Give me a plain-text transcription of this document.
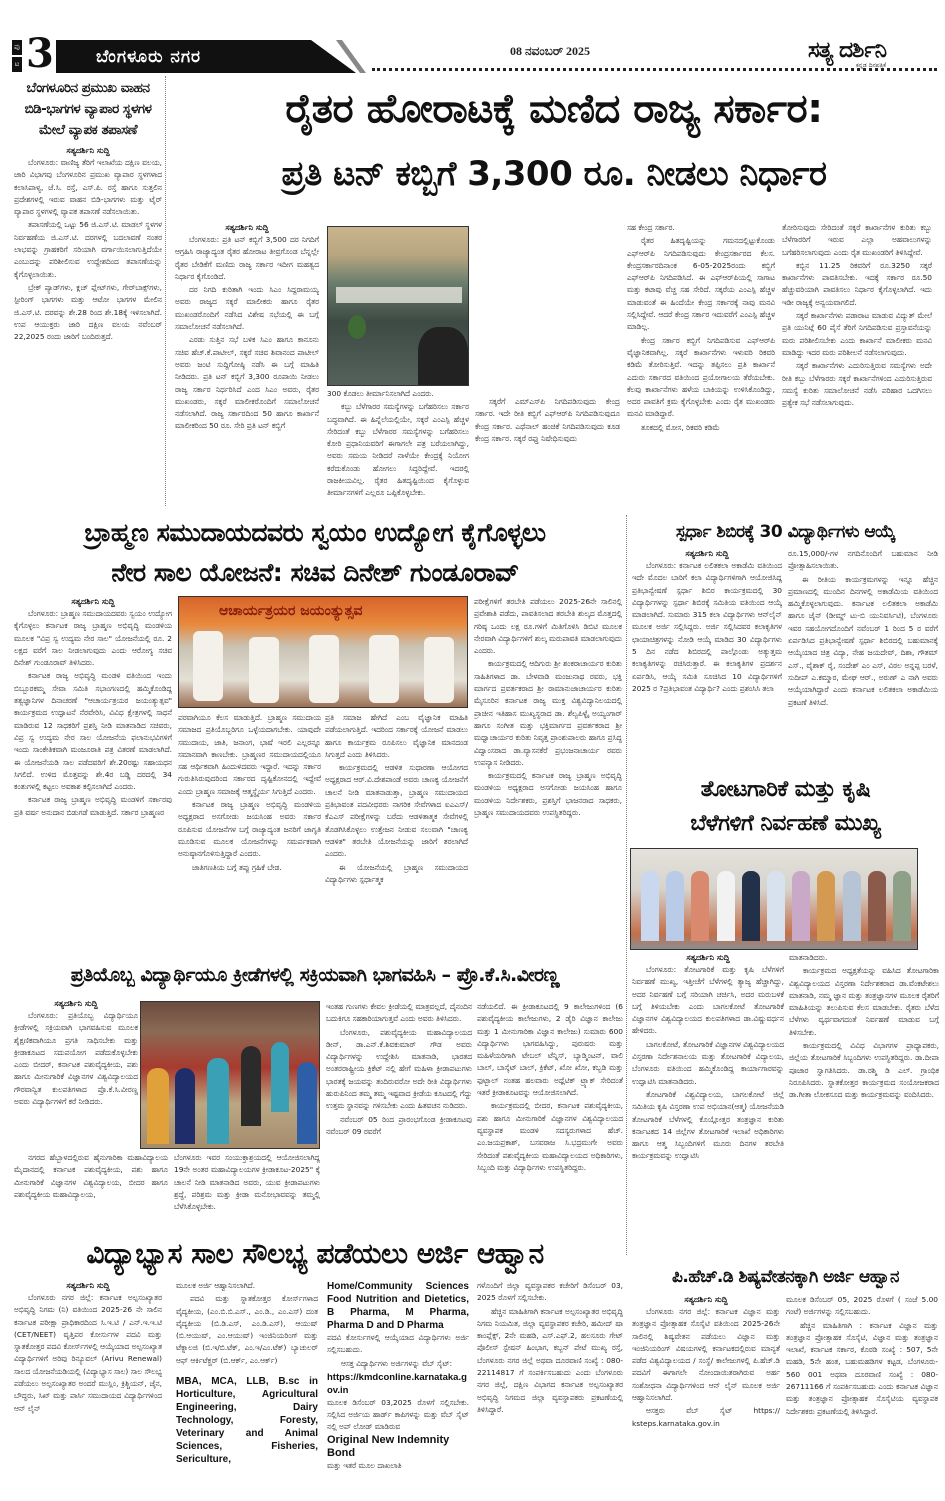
ಪು
ಟ 3 ಬೆಂಗಳೂರು ನಗರ	08 ನವಂಬರ್ 2025	ಸತ್ಯ ದರ್ಶಿನಿ
ಕನ್ನಡ ದಿನಪತ್ರಿಕೆ
ಬೆಂಗಳೂರಿನ ಪ್ರಮುಖ ವಾಹನ ಬಿಡಿ-ಭಾಗಗಳ ವ್ಯಾಪಾರ ಸ್ಥಳಗಳ ಮೇಲೆ ವ್ಯಾಪಕ ತಪಾಸಣೆ
ಸತ್ಯದರ್ಶಿನಿ ಸುದ್ದಿ

ಬೆಂಗಳೂರು: ವಾಣಿಜ್ಯ ತೆರಿಗೆ ಇಲಾಖೆಯ ದಕ್ಷಿಣ ವಲಯ, ಜಾರಿ ವಿಭಾಗವು ಬೆಂಗಳೂರಿನ ಪ್ರಮುಖ ವ್ಯಾಪಾರ ಸ್ಥಳಗಳಾದ ಕಲಾಸಿಪಾಳ್ಯ, ಜೆ.ಸಿ. ರಸ್ತೆ, ಎಸ್.ಪಿ. ರಸ್ತೆ ಹಾಗೂ ಸುತ್ತಲಿನ ಪ್ರದೇಶಗಳಲ್ಲಿ ಇರುವ ವಾಹನ ಬಿಡಿ-ಭಾಗಗಳು ಮತ್ತು ಟೈರ್ ವ್ಯಾಪಾರ ಸ್ಥಳಗಳಲ್ಲಿ ವ್ಯಾಪಕ ತಪಾಸಣೆ ನಡೆಸಲಾಯಿತು.

ತಪಾಸಣೆಯಲ್ಲಿ ಒಟ್ಟು 56 ಜಿ.ಎಸ್.ಟಿ. ಮಾಡಲ್ ಸ್ಥಳಗಳ ನಿರ್ವಹಣೆಯ ಜಿ.ಎಸ್.ಟಿ. ದರಗಳಲ್ಲಿ ಬದಲಾವಣೆ ನಂತರ ಲಾಭವನ್ನು ಗ್ರಾಹಕರಿಗೆ ಸರಿಯಾಗಿ ವರ್ಗಾಯಿಸಲಾಗುತ್ತಿದೆಯೇ ಎಂಬುದನ್ನು ಪರಿಶೀಲಿಸುವ ಉದ್ದೇಶದಿಂದ ತಪಾಸಣೆಯನ್ನು ಕೈಗೊಳ್ಳಲಾಯಿತು.

ಬ್ರೇಕ್ ಪ್ಯಾಡ್‌ಗಳು, ಕ್ಲಚ್ ಪ್ಲೇಟ್‌ಗಳು, ಗೇರ್‌ಬಾಕ್ಸ್‌ಗಳು, ಸ್ಟೀರಿಂಗ್ ಭಾಗಗಳು ಮತ್ತು ಆಟೋ ಭಾಗಗಳ ಮೇಲಿನ ಜಿ.ಎಸ್.ಟಿ. ದರವನ್ನು ಶೇ.28 ರಿಂದ ಶೇ.18ಕ್ಕೆ ಇಳಿಸಲಾಗಿದೆ. ಉಪ ಆಯುಕ್ತರು ಜಾರಿ ದಕ್ಷಿಣ ವಲಯ ನವೆಂಬರ್ 22,2025 ರಂದು ಜಾರಿಗೆ ಬಂದಿರುತ್ತದೆ.

ರೈತರ ಹೋರಾಟಕ್ಕೆ ಮಣಿದ ರಾಜ್ಯ ಸರ್ಕಾರ:
ಪ್ರತಿ ಟನ್ ಕಬ್ಬಿಗೆ 3,300 ರೂ. ನೀಡಲು ನಿರ್ಧಾರ
ಸತ್ಯದರ್ಶಿನಿ ಸುದ್ದಿ

ಬೆಂಗಳೂರು: ಪ್ರತಿ ಟನ್ ಕಬ್ಬಿಗೆ 3,500 ದರ ನಿಗದಿಗೆ ಆಗ್ರಹಿಸಿ ರಾಜ್ಯಾದ್ಯಂತ ರೈತರ ಹೋರಾಟ ತೀವ್ರಗೊಂಡ ಬೆನ್ನಲ್ಲೇ ರೈತರ ಬೇಡಿಕೆಗೆ ಮಣಿದು ರಾಜ್ಯ ಸರ್ಕಾರ ಇದೀಗ ಮಹತ್ವದ ನಿರ್ಧಾರ ಕೈಗೊಂಡಿದೆ.

ದರ ನಿಗದಿ ಕುರಿತಾಗಿ ಇಂದು ಸಿಎಂ ಸಿದ್ದರಾಮಯ್ಯ ಅವರು ರಾಜ್ಯದ ಸಕ್ಕರೆ ಮಾಲೀಕರು ಹಾಗೂ ರೈತರ ಮುಖಂಡರೊಂದಿಗೆ ನಡೆಸಿದ ವಿಶೇಷ ಸಭೆಯಲ್ಲಿ ಈ ಬಗ್ಗೆ ಸಮಾಲೋಚನೆ ನಡೆಸಲಾಗಿದೆ.

ಎರಡು ಸುತ್ತಿನ ಸಭೆ ಬಳಿಕ ಸಿಎಂ ಹಾಗೂ ಕಾನೂನು ಸಚಿವ ಹೆಚ್.ಕೆ.ಪಾಟೀಲ್, ಸಕ್ಕರೆ ಸಚಿವ ಶಿವಾನಂದ ಪಾಟೀಲ್ ಅವರು ಜಂಟಿ ಸುದ್ದಿಗೋಷ್ಠಿ ನಡೆಸಿ ಈ ಬಗ್ಗೆ ಮಾಹಿತಿ ನೀಡಿದರು. ಪ್ರತಿ ಟನ್ ಕಬ್ಬಿಗೆ 3,300 ರೂಪಾಯಿ ನೀಡಲು ರಾಜ್ಯ ಸರ್ಕಾರ ನಿರ್ಧರಿಸಿದೆ ಎಂದ ಸಿಎಂ ಅವರು, ರೈತರ ಮುಖಂಡರು, ಸಕ್ಕರೆ ಮಾಲೀಕರೊಂದಿಗೆ ಸಮಾಲೋಚನೆ ನಡೆಸಲಾಗಿದೆ. ರಾಜ್ಯ ಸರ್ಕಾರದಿಂದ 50 ಹಾಗೂ ಕಾರ್ಖಾನೆ ಮಾಲೀಕರಿಂದ 50 ರೂ. ಸೇರಿ ಪ್ರತಿ ಟನ್ ಕಬ್ಬಿಗೆ

300 ಕೊಡಲು ತೀರ್ಮಾನಿಸಲಾಗಿದೆ ಎಂದರು.

ಕಬ್ಬು ಬೆಳೆಗಾರರ ಸಮಸ್ಯೆಗಳನ್ನು ಬಗೆಹರಿಸಲು ಸರ್ಕಾರ ಬದ್ಧವಾಗಿದೆ. ಈ ಹಿನ್ನೆಲೆಯಲ್ಲಿಯೇ, ಸಕ್ಕರೆ ಎಂಎಸ್ಪಿ ಹೆಚ್ಚಳ ಸೇರಿದಂತೆ ಕಬ್ಬು ಬೆಳೆಗಾರರ ಸಮಸ್ಯೆಗಳನ್ನು ಬಗೆಹರಿಸಲು ಕೋರಿ ಪ್ರಧಾನಿಯವರಿಗೆ ಈಗಾಗಲೇ ಪತ್ರ ಬರೆಯಲಾಗಿದ್ದು, ಅವರು ಸಮಯ ನೀಡಿದರೆ ನಾಳೆಯೇ ಕೇಂದ್ರಕ್ಕೆ ನಿಯೋಗ ಕರೆದುಕೊಂಡು ಹೋಗಲು ಸಿದ್ಧರಿದ್ದೇವೆ. ಇದರಲ್ಲಿ ರಾಜಕೀಯವಿಲ್ಲ. ರೈತರ ಹಿತದೃಷ್ಟಿಯಿಂದ ಕೈಗೊಳ್ಳುವ ತೀರ್ಮಾನಗಳಿಗೆ ಎಲ್ಲರೂ ಒಪ್ಪಿಕೊಳ್ಳಬೇಕು.

ಸಕ್ಕರೆಗೆ ಎಮ್‌ಎಸ್‌ಪಿ ನಿಗದಿಪಡಿಸುವುದು ಕೇಂದ್ರ ಸರ್ಕಾರ. ಇದೇ ರೀತಿ ಕಬ್ಬಿಗೆ ಎಫ್‌ಆರ್‌ಪಿ ನಿಗದಿಪಡಿಸುವುದೂ ಕೇಂದ್ರ ಸರ್ಕಾರ. ಎಥೆನಾಲ್ ಹಂಚಿಕೆ ನಿಗದಿಪಡಿಸುವುದು ಕೂಡ ಕೇಂದ್ರ ಸರ್ಕಾರ. ಸಕ್ಕರೆ ರಫ್ತು ನಿಷೇಧಿಸುವುದು

ಸಹ ಕೇಂದ್ರ ಸರ್ಕಾರ.

ರೈತರ ಹಿತದೃಷ್ಟಿಯನ್ನು ಗಮನದಲ್ಲಿಟ್ಟುಕೊಂಡು ಎಫ್‌ಆರ್‌ಪಿ ನಿಗದಿಪಡಿಸುವುದು ಕೇಂದ್ರಸರ್ಕಾರದ ಕೆಲಸ. ಕೇಂದ್ರಸರ್ಕಾರದಿನಾಂಕ 6-05-2025ರಂದು ಕಬ್ಬಿಗೆ ಎಫ್‌ಆರ್‌ಪಿ ನಿಗದಿಪಡಿಸಿದೆ. ಈ ಎಫ್‌ಆರ್‌ಪಿಯಲ್ಲಿ ಸಾಗಾಟ ಮತ್ತು ಕಟಾವು ವೆಚ್ಚ ಸಹ ಸೇರಿದೆ. ಸಕ್ಕರೆಯ ಎಂಎಸ್ಪಿ ಹೆಚ್ಚಳ ಮಾಡುವಂತೆ ಈ ಹಿಂದೆಯೇ ಕೇಂದ್ರ ಸರ್ಕಾರಕ್ಕೆ ನಾವು ಮನವಿ ಸಲ್ಲಿಸಿದ್ದೇವೆ. ಆದರೆ ಕೇಂದ್ರ ಸರ್ಕಾರ ಇದುವರೆಗೆ ಎಂಎಸ್ಪಿ ಹೆಚ್ಚಳ ಮಾಡಿಲ್ಲ.

ಕೇಂದ್ರ ಸರ್ಕಾರ ಕಬ್ಬಿಗೆ ನಿಗದಿಪಡಿಸುವ ಎಫ್‌ಆರ್‌ಪಿ ವೈಜ್ಞಾನಿಕವಾಗಿಲ್ಲ. ಸಕ್ಕರೆ ಕಾರ್ಖಾನೆಗಳು ಇಳುವರಿ ರಿಕವರಿ ಕಡಿಮೆ ತೋರಿಸುತ್ತಿವೆ. ಇದನ್ನು ತಪ್ಪಿಸಲು ಪ್ರತಿ ಕಾರ್ಖಾನೆ ಎದುರು ಸರ್ಕಾರದ ವತಿಯಿಂದ ಪ್ರಯೋಗಾಲಯ ತೆರೆಯಬೇಕು. ಕೆಲವು ಕಾರ್ಖಾನೆಗಳು ಹಳೆಯ ಬಾಕಿಯನ್ನು ಉಳಿಸಿಕೊಂಡಿದ್ದು, ಅದರ ಪಾವತಿಗೆ ಕ್ರಮ ಕೈಗೊಳ್ಳಬೇಕು ಎಂದು ರೈತ ಮುಖಂಡರು ಮನವಿ ಮಾಡಿದ್ದಾರೆ.

ತೂಕದಲ್ಲಿ ಮೋಸ, ರಿಕವರಿ ಕಡಿಮೆ

ತೋರಿಸುವುದು ಸೇರಿದಂತೆ ಸಕ್ಕರೆ ಕಾರ್ಖಾನೆಗಳ ಕುರಿತು ಕಬ್ಬು ಬೆಳೆಗಾರರಿಗೆ ಇರುವ ಎಲ್ಲಾ ಅಹವಾಲುಗಳನ್ನು ಬಗೆಹರಿಸಲಾಗುವುದು ಎಂದು ರೈತ ಮುಖಂಡರಿಗೆ ತಿಳಿಸಿದ್ದೇವೆ.

ಕಬ್ಬಿನ 11.25 ರಿಕವರಿಗೆ ರೂ.3250 ಸಕ್ಕರೆ ಕಾರ್ಖಾನೆಗಳು ಪಾವತಿಸಬೇಕು. ಇದಕ್ಕೆ ಸರ್ಕಾರ ರೂ.50 ಹೆಚ್ಚುವರಿಯಾಗಿ ಪಾವತಿಸಲು ನಿರ್ಧಾರ ಕೈಗೊಳ್ಳಲಾಗಿದೆ. ಇದು ಇಡೀ ರಾಜ್ಯಕ್ಕೆ ಅನ್ವಯವಾಗಲಿದೆ.

ಸಕ್ಕರೆ ಕಾರ್ಖಾನೆಗಳು ಪಡಾರಾಟ ಮಾಡುವ ವಿದ್ಯುತ್ ಮೇಲೆ ಪ್ರತಿ ಯುನಿಟ್ಗೆ 60 ಪೈಸೆ ತೆರಿಗೆ ನಿಗದಿಪಡಿಸುವ ಪ್ರಸ್ತಾವನೆಯನ್ನು ಮರು ಪರಿಶೀಲಿಸಬೇಕು ಎಂದು ಕಾರ್ಖಾನೆ ಮಾಲೀಕರು ಮನವಿ ಮಾಡಿದ್ದು ಇದರ ಮರು ಪರಿಶೀಲನೆ ನಡೆಸಲಾಗುವುದು.

ಸಕ್ಕರೆ ಕಾರ್ಖಾನೆಗಳು ಎದುರಿಸುತ್ತಿರುವ ಸಮಸ್ಯೆಗಳು ಅದೇ ರೀತಿ ಕಬ್ಬು ಬೆಳೆಗಾರರು ಸಕ್ಕರೆ ಕಾರ್ಖಾನೆಗಳಿಂದ ಎದುರಿಸುತ್ತಿರುವ ಸಮಸ್ಯೆ ಕುರಿತು ಸಮಾಲೋಚನೆ ನಡೆಸಿ ಪರಿಹಾರ ಒದಗಿಸಲು ಪ್ರತ್ಯೇಕ ಸಭೆ ನಡೆಸಲಾಗುವುದು.

ಬ್ರಾಹ್ಮಣ ಸಮುದಾಯದವರು ಸ್ವಯಂ ಉದ್ಯೋಗ ಕೈಗೊಳ್ಳಲು
ನೇರ ಸಾಲ ಯೋಜನೆ: ಸಚಿವ ದಿನೇಶ್ ಗುಂಡೂರಾವ್
ಸತ್ಯದರ್ಶಿನಿ ಸುದ್ದಿ

ಬೆಂಗಳೂರು: ಬ್ರಾಹ್ಮಣ ಸಮುದಾಯದವರು ಸ್ವಯಂ ಉದ್ಯೋಗ ಕೈಗೊಳ್ಳಲು ಕರ್ನಾಟಕ ರಾಜ್ಯ ಬ್ರಾಹ್ಮಣ ಅಭಿವೃದ್ಧಿ ಮಂಡಳಿಯ ಮೂಲಕ "ವಿಪ್ರ ಸ್ವ ಉದ್ಯಮ ನೇರ ಸಾಲ" ಯೋಜನೆಯಲ್ಲಿ ರೂ. 2 ಲಕ್ಷದ ವರೆಗೆ ಸಾಲ ನೀಡಲಾಗುವುದು ಎಂದು ಆರೋಗ್ಯ ಸಚಿವ ದಿನೇಶ್ ಗುಂಡೂರಾವ್ ತಿಳಿಸಿದರು.

ಕರ್ನಾಟಕ ರಾಜ್ಯ ಅಭಿವೃದ್ಧಿ ಮಂಡಳಿ ವತಿಯಿಂದ ಇಂದು ಬಿಬ್ಬೂರಕಮ್ಮ ಸೇವಾ ಸಮಿತಿ ಸಭಾಂಗಣದಲ್ಲಿ ಹಮ್ಮಿಕೊಂಡಿದ್ದ ತತ್ವಜ್ಞಾನಿಗಳ ದಿನಾಚರಣೆ "ಆಚಾರ್ಯತ್ರಯರ ಜಯಂತ್ಯುತ್ಸವ" ಕಾರ್ಯಕ್ರಮದ ಉದ್ಘಾಟನೆ ನೆರವೇರಿಸಿ, ವಿವಿಧ ಕ್ಷೇತ್ರಗಳಲ್ಲಿ ಸಾಧನೆ ಮಾಡಿರುವ 12 ಸಾಧಕರಿಗೆ ಪ್ರಶಸ್ತಿ ನೀಡಿ ಮಾತನಾಡಿದ ಸಚಿವರು, ವಿಪ್ರ ಸ್ವ ಉದ್ಯಮ ನೇರ ಸಾಲ ಯೋಜನೆಯ ಫಲಾನುಭವಿಗಳಿಗೆ ಇಂದು ಸಾಂಕೇತಿಕವಾಗಿ ಮಂಜೂರಾತಿ ಪತ್ರ ವಿತರಣೆ ಮಾಡಲಾಗಿದೆ. ಈ ಯೋಜನೆಯಡಿ ಸಾಲ ಪಡೆದವರಿಗೆ ಶೇ.20ರಷ್ಟು ಸಹಾಯಧನ ಸಿಗಲಿದೆ. ಉಳಿದ ಮೊತ್ತವನ್ನು ಶೇ.4ರ ಬಡ್ಡಿ ದರದಲ್ಲಿ 34 ಕಂತುಗಳಲ್ಲಿ ಕಟ್ಟಲು ಅವಕಾಶ ಕಲ್ಪಿಸಲಾಗಿದೆ ಎಂದರು.

ಕರ್ನಾಟಕ ರಾಜ್ಯ ಬ್ರಾಹ್ಮಣ ಅಭಿವೃದ್ಧಿ ಮಂಡಳಿಗೆ ಸರ್ಕಾರವು ಪ್ರತಿ ವರ್ಷ ಅನುದಾನ ಬಿಡುಗಡೆ ಮಾಡುತ್ತಿದೆ. ಸರ್ಕಾರ ಬ್ರಾಹ್ಮಣರ

ಆಚಾರ್ಯತ್ರಯರ ಜಯಂತ್ಯುತ್ಸವ

ಪರವಾಗಿಯೂ ಕೆಲಸ ಮಾಡುತ್ತಿದೆ. ಬ್ರಾಹ್ಮಣ ಸಮುದಾಯ ಸಮಾಜದ ಪ್ರತಿಯೊಬ್ಬರಿಗೂ ಒಳ್ಳೆಯದಾಗಬೇಕು. ಯಾವುದೇ ಸಮುದಾಯ, ಜಾತಿ, ಜನಾಂಗ, ಭಾಷೆ ಇರಲಿ ಎಲ್ಲರನ್ನೂ ಸಮಾನವಾಗಿ ಕಾಣಬೇಕು. ಬ್ರಾಹ್ಮಣರ ಸಮುದಾಯದಲ್ಲಿಯೂ ಸಹ ಆರ್ಥಿಕವಾಗಿ ಹಿಂದುಳಿದವರು ಇದ್ದಾರೆ. ಇದನ್ನು ಸರ್ಕಾರ ಗುರುತಿಸಿರುವುದರಿಂದ ಸರ್ಕಾರದ ದೃಷ್ಟಿಕೋನದಲ್ಲಿ ಇದ್ದೇವೆ ಎಂದು ಬ್ರಾಹ್ಮಣ ಸಮಾಜಕ್ಕೆ ಆತ್ಮಸ್ಥೈರ್ಯ ಸಿಗುತ್ತಿದೆ ಎಂದರು.

ಕರ್ನಾಟಕ ರಾಜ್ಯ ಬ್ರಾಹ್ಮಣ ಅಭಿವೃದ್ಧಿ ಮಂಡಳಿಯ ಅಧ್ಯಕ್ಷರಾದ ಅಸಗೋಡು ಜಯಸಿಂಹ ಅವರು ಸರ್ಕಾರ ರೂಪಿಸುವ ಯೋಜನೆಗಳ ಬಗ್ಗೆ ರಾಜ್ಯಾದ್ಯಂತ ಜನರಿಗೆ ಜಾಗೃತಿ ಮೂಡಿಸುವ ಮೂಲಕ ಯೋಜನೆಗಳನ್ನು ಸಮರ್ಪಕವಾಗಿ ಅನುಷ್ಠಾನಗೊಳಿಸುತ್ತಿದ್ದಾರೆ ಎಂದರು.

ಜಾತಿಗಣತಿಯ ಬಗ್ಗೆ ತಪ್ಪು ಗ್ರಹಿಕೆ ಬೇಡ.

ಪ್ರತಿ ಸಮಾಜ ಹೇಗಿದೆ ಎಂಬ ವೈಜ್ಞಾನಿಕ ಮಾಹಿತಿ ಪಡೆಯಲಾಗುತ್ತಿದೆ. ಇದರಿಂದ ಸರ್ಕಾರಕ್ಕೆ ಯೋಜನೆ ಮಾಡಲು ಹಾಗೂ ಕಾರ್ಯಕ್ರಮ ರೂಪಿಸಲು ವೈಜ್ಞಾನಿಕ ಮಾನದಂಡ ಸಿಗುತ್ತದೆ ಎಂದು ತಿಳಿಸಿದರು.

ಕಾರ್ಯಕ್ರಮದಲ್ಲಿ ಆಡಳಿತ ಸುಧಾರಣಾ ಆಯೋಗದ ಅಧ್ಯಕ್ಷರಾದ ಆರ್.ವಿ.ದೇಶಪಾಂಡೆ ಅವರು ಚಾಣಕ್ಯ ಯೋಜನೆಗೆ ಚಾಲನೆ ನೀಡಿ ಮಾತನಾಡುತ್ತಾ, ಬ್ರಾಹ್ಮಣ ಸಮುದಾಯದ ಪ್ರತಿಭಾವಂತ ಪದವೀಧರರು ನಾಗರಿಕ ಸೇವೆಗಳಾದ ಐಎಎಸ್/ಕೆಎಎಸ್ ಪರೀಕ್ಷೆಗಳನ್ನು ಬರೆದು ಆಡಳಿತಾತ್ಮಕ ಸೇವೆಗಳಲ್ಲಿ ತೊಡಗಿಸಿಕೊಳ್ಳಲು ಉತ್ತೇಜನ ನೀಡುವ ಸಲುವಾಗಿ "ಚಾಣಕ್ಯ ಆಡಳಿತ" ತರಬೇತಿ ಯೋಜನೆಯನ್ನು ಜಾರಿಗೆ ತರಲಾಗಿದೆ ಎಂದರು.

ಈ ಯೋಜನೆಯಲ್ಲಿ ಬ್ರಾಹ್ಮಣ ಸಮುದಾಯದ ವಿದ್ಯಾರ್ಥಿಗಳು ಸ್ಪರ್ಧಾತ್ಮಕ

ಪರೀಕ್ಷೆಗಳಿಗೆ ತರಬೇತಿ ಪಡೆಯಲು 2025-26ನೇ ಸಾಲಿನಲ್ಲಿ ಪ್ರವೇಶಾತಿ ಪಡೆದು, ಪಾವತಿಸಲಾದ ತರಬೇತಿ ಶುಲ್ಕದ ಮೊತ್ತದಲ್ಲಿ ಗರಿಷ್ಠ ಒಂದು ಲಕ್ಷ ರೂ.ಗಳಿಗೆ ಮಿತಿಗೊಳಿಸಿ ಡಿಬಿಟಿ ಮೂಲಕ ನೇರವಾಗಿ ವಿದ್ಯಾರ್ಥಿಗಳಿಗೆ ಶುಲ್ಕ ಮರುಪಾವತಿ ಮಾಡಲಾಗುವುದು ಎಂದರು.

ಕಾರ್ಯಕ್ರಮದಲ್ಲಿ ಆದಿಗುರು ಶ್ರೀ ಶಂಕರಾಚಾರ್ಯರ ಕುರಿತು ಸಾಹಿತಿಗಳಾದ ಡಾ. ಬೇಳವಾಡಿ ಮಂಜುನಾಥ ರವರು, ಭಕ್ತಿ ಮಾರ್ಗದ ಪ್ರವರ್ತಕರಾದ ಶ್ರೀ ರಾಮಾನುಜಾಚಾರ್ಯರ ಕುರಿತು ಮೈಸೂರಿನ ಕರ್ನಾಟಕ ರಾಜ್ಯ ಮುಕ್ತ ವಿಶ್ವವಿದ್ಯಾನಿಲಯದಲ್ಲಿ ಪ್ರಾಚೀನ ಇತಿಹಾಸ ಮುಖ್ಯಸ್ಥರಾದ ಡಾ. ಶೆಲ್ವಪಿಳ್ಳೈ ಅಯ್ಯಂಗಾರ್ ಹಾಗೂ ಸಂಗೀತ ಮತ್ತು ಭಕ್ತಿಮಾರ್ಗದ ಪ್ರವರ್ತಕರಾದ ಶ್ರೀ ಮಧ್ವಾಚಾರ್ಯರ ಕುರಿತು ನಿವೃತ್ತ ಪ್ರಾಂಶುಪಾಲರು ಹಾಗೂ ಪ್ರಸಿದ್ಧ ವಿದ್ವಾಂಸರಾದ ಡಾ.ವ್ಯಾಸನಕೆರೆ ಪ್ರಭಂಜನಾಚಾರ್ಯ ರವರು ಉಪನ್ಯಾಸ ನೀಡಿದರು.

ಕಾರ್ಯಕ್ರಮದಲ್ಲಿ ಕರ್ನಾಟಕ ರಾಜ್ಯ ಬ್ರಾಹ್ಮಣ ಅಭಿವೃದ್ಧಿ ಮಂಡಳಿಯ ಅಧ್ಯಕ್ಷರಾದ ಅಸಗೋಡು ಜಯಸಿಂಹ ಹಾಗೂ ಮಂಡಳಿಯ ನಿರ್ದೇಶಕರು, ಪ್ರಶಸ್ತಿಗೆ ಭಾಜನರಾದ ಸಾಧಕರು, ಬ್ರಾಹ್ಮಣ ಸಮುದಾಯದವರು ಉಪಸ್ಥಿತರಿದ್ದರು.

ಸ್ಪರ್ಧಾ ಶಿಬಿರಕ್ಕೆ 30 ವಿದ್ಯಾರ್ಥಿಗಳು ಆಯ್ಕೆ
ಸತ್ಯದರ್ಶಿನಿ ಸುದ್ದಿ

ಬೆಂಗಳೂರು: ಕರ್ನಾಟಕ ಲಲಿತಕಲಾ ಅಕಾಡೆಮಿ ವತಿಯಿಂದ ಇದೇ ಮೊದಲ ಬಾರಿಗೆ ಕಲಾ ವಿದ್ಯಾರ್ಥಿಗಳಿಗಾಗಿ ಆಯೋಜಿಸಿದ್ದ ಪ್ರತಿಭಾನ್ವೇಷಣೆ ಸ್ಪರ್ಧಾ ಶಿಬಿರ ಕಾರ್ಯಕ್ರಮದಲ್ಲಿ 30 ವಿದ್ಯಾರ್ಥಿಗಳನ್ನು ಸ್ಪರ್ಧಾ ಶಿಬಿರಕ್ಕೆ ಸಮಿತಿಯ ವತಿಯಿಂದ ಆಯ್ಕೆ ಮಾಡಲಾಗಿದೆ. ಸುಮಾರು 315 ಕಲಾ ವಿದ್ಯಾರ್ಥಿಗಳು ಆನ್‌ಲೈನ್ ಮೂಲಕ ಅರ್ಜಿ ಸಲ್ಲಿಸಿದ್ದರು. ಅರ್ಜಿ ಸಲ್ಲಿಸಿದವರ ಕಲಾಕೃತಿಗಳ ಛಾಯಾಚಿತ್ರಗಳನ್ನು ನೋಡಿ ಆಯ್ಕೆ ಮಾಡಿದ 30 ವಿದ್ಯಾರ್ಥಿಗಳು 5 ದಿನ ನಡೆದ ಶಿಬಿರದಲ್ಲಿ ಪಾಲ್ಗೊಂಡು ಅತ್ಯುತ್ತಮ ಕಲಾಕೃತಿಗಳನ್ನು ರಚಿಸಿರುತ್ತಾರೆ. ಈ ಕಲಾಕೃತಿಗಳ ಪ್ರದರ್ಶನ ಏರ್ಪಡಿಸಿ, ಆಯ್ಕೆ ಸಮಿತಿ ಸೂಚಿಸಿದ 10 ವಿದ್ಯಾರ್ಥಿಗಳಿಗೆ 2025 ರ ?ಪ್ರತಿಭಾವಂತ ವಿದ್ಯಾರ್ಥಿ? ಎಂದು ಪ್ರಶಂಸಿಸಿ ತಲಾ

ರೂ.15,000/-ಗಳ ನಗದಿನೊಂದಿಗೆ ಬಹುಮಾನ ನೀಡಿ ಪ್ರೋತ್ಸಾಹಿಸಲಾಯಿತು.

ಈ ರೀತಿಯ ಕಾರ್ಯಕ್ರಮಗಳನ್ನು ಇನ್ನೂ ಹೆಚ್ಚಿನ ಪ್ರಮಾಣದಲ್ಲಿ ಮುಂದಿನ ದಿನಗಳಲ್ಲಿ ಅಕಾಡೆಮಿಯ ವತಿಯಿಂದ ಹಮ್ಮಿಕೊಳ್ಳಲಾಗುವುದು. ಕರ್ನಾಟಕ ಲಲಿತಕಲಾ ಅಕಾಡೆಮಿ ಹಾಗೂ ಜೈನ್ (ಡೀಮ್ಡ್ ಟು-ಬಿ ಯುನಿವರ್ಸಿಟಿ), ಬೆಂಗಳೂರು ಇವರ ಸಹಯೋಗದೊಂದಿಗೆ ನವೆಂಬರ್ 1 ರಿಂದ 5 ರ ವರೆಗೆ ಏರ್ಪಡಿಸಿದ ಪ್ರತಿಭಾನ್ವೇಷಣೆ ಸ್ಪರ್ಧಾ ಶಿಬಿರದಲ್ಲಿ ಬಹುಮಾನಕ್ಕೆ ಆಯ್ಕೆಯಾದ ಚಿತ್ರ ವಿದ್ಯಾ, ನೇಹ ಜಯದೇವ್, ದಿಶಾ, ಗೌತಮ್ ಎಸ್., ವೈಶಾಕ್ ರೈ, ಸಂದೇಶ್ ಎಂ ಎಸ್, ವಿಠಲ ಅನ್ನಪ್ಪ ಬರಳೆ, ಸುದೀಪ್ ಎ.ಕಮ್ಮಾರ, ಮೇಘ ಆರ್., ಅರುಣ್ ಎ ನಾಗಿ ಅವರು ಆಯ್ಕೆಯಾಗಿದ್ದಾರೆ ಎಂದು ಕರ್ನಾಟಕ ಲಲಿತಕಲಾ ಅಕಾಡೆಮಿಯ ಪ್ರಕಟಣೆ ತಿಳಿಸಿದೆ.

ತೋಟಗಾರಿಕೆ ಮತ್ತು ಕೃಷಿ
ಬೆಳೆಗಳಿಗೆ ನಿರ್ವಹಣೆ ಮುಖ್ಯ
ಸತ್ಯದರ್ಶಿನಿ ಸುದ್ದಿ

ಬೆಂಗಳೂರು: ತೋಟಗಾರಿಕೆ ಮತ್ತು ಕೃಷಿ ಬೆಳೆಗಳಿಗೆ ನಿರ್ವಹಣೆ ಮುಖ್ಯ, ಇತ್ತೀಚೆಗೆ ಬೆಳೆಗಳಲ್ಲಿ ತ್ಯಾಜ್ಯ ಹೆಚ್ಚಾಗಿದ್ದು, ಅದರ ನಿರ್ವಹಣೆ ಬಗ್ಗೆ ಸರಿಯಾಗಿ ಚರ್ಚಿಸಿ, ಅದರ ಮರುಬಳಕೆ ಬಗ್ಗೆ ತಿಳಿಯಬೇಕು ಎಂದು ಬಾಗಲಕೋಟೆ ತೋಟಗಾರಿಕೆ ವಿಜ್ಞಾನಗಳ ವಿಶ್ವವಿದ್ಯಾಲಯದ ಕುಲಪತಿಗಳಾದ ಡಾ.ವಿಷ್ಣುವರ್ಧನ ಹೇಳಿದರು.

ಬಾಗಲಕೋಟೆ, ತೋಟಗಾರಿಕೆ ವಿಜ್ಞಾನಗಳ ವಿಶ್ವವಿದ್ಯಾಲಯದ ವಿಸ್ತರಣಾ ನಿರ್ದೇಶನಾಲಯ ಮತ್ತು ತೋಟಗಾರಿಕೆ ವಿದ್ಯಾಲಯ, ಬೆಂಗಳೂರು ವತಿಯಿಂದ ಹಮ್ಮಿಕೊಂಡಿದ್ದ ಕಾರ್ಯಾಗಾರವನ್ನು ಉದ್ಘಾಟಿಸಿ ಮಾತನಾಡಿದರು.

ತೋಟಗಾರಿಕೆ ವಿಶ್ವವಿದ್ಯಾಲಯ, ಬಾಗಲಕೋಟೆ ಜಿಲ್ಲೆ ಸಮಿತಿಯ ಕೃಷಿ ವಿಸ್ತರಣಾ ಉಪ ಅಭಿಯಾನ(ಆತ್ಮ) ಯೋಜನೆಯಡಿ ತೋಟಗಾರಿಕೆ ಬೆಳೆಗಳಲ್ಲಿ ಕೊಯ್ಲೋತ್ತರ ತಂತ್ರಜ್ಞಾನ ಕುರಿತು ಕರ್ನಾಟಕದ 14 ಜಿಲ್ಲೆಗಳ ತೋಟಗಾರಿಕೆ ಇಲಾಖೆ ಅಧಿಕಾರಿಗಳು ಹಾಗೂ ಆತ್ಮ ಸಿಬ್ಬಂದಿಗಳಿಗೆ ಮೂರು ದಿನಗಳ ತರಬೇತಿ ಕಾರ್ಯಕ್ರಮವನ್ನು ಉದ್ಘಾಟಿಸಿ

ಮಾತನಾಡಿದರು.

ಕಾರ್ಯಕ್ರಮದ ಅಧ್ಯಕ್ಷತೆಯನ್ನು ವಹಿಸಿದ ತೋಟಗಾರಿಕಾ ವಿಶ್ವವಿದ್ಯಾಲಯದ ವಿಸ್ತರಣಾ ನಿರ್ದೇಶಕರಾದ ಡಾ.ವೆಂಕಟೇಶಲು ಮಾತನಾಡಿ, ನಮ್ಮ ಜ್ಞಾನ ಮತ್ತು ತಂತ್ರಜ್ಞಾನಗಳ ಮೂಲಕ ರೈತರಿಗೆ ಮಾಹಿತಿಯನ್ನು ತಲುಪಿಸುವ ಕೆಲಸ ಮಾಡಬೇಕು. ರೈತರು ಬೆಳೆದ ಬೆಳೆಗಳು ವ್ಯರ್ಥವಾಗದಂತೆ ನಿರ್ವಹಣೆ ಮಾಡುವ ಬಗ್ಗೆ ತಿಳಿಸಬೇಕು.

ಕಾರ್ಯಕ್ರಮದಲ್ಲಿ ವಿವಿಧ ವಿಭಾಗಗಳ ಪ್ರಾಧ್ಯಾಪಕರು, ಜಿಲ್ಲೆಯ ತೋಟಗಾರಿಕೆ ಸಿಬ್ಬಂದಿಗಳು ಉಪಸ್ಥಿತರಿದ್ದರು. ಡಾ.ದೀಪಾ ಪೂಜಾರ ಸ್ವಾಗತಿಸಿದರು. ಡಾ.ರಶ್ಮಿ ಡಿ ಎಲ್. ಗ್ರಾಂಥಿಕ ನಿರೂಪಿಸಿದರು. ಸ್ನಾತಕೋತ್ತರ ಕಾರ್ಯಕ್ರಮದ ಸಂಯೋಜಕರಾದ ಡಾ.ಗೀತಾ ಲೋಕಸೂದ ಮತ್ತು ಕಾರ್ಯಕ್ರಮವನ್ನು ವಂದಿಸಿದರು.

ಪ್ರತಿಯೊಬ್ಬ ವಿದ್ಯಾರ್ಥಿಯೂ ಕ್ರೀಡೆಗಳಲ್ಲಿ ಸಕ್ರಿಯವಾಗಿ ಭಾಗವಹಿಸಿ – ಪ್ರೊ.ಕೆ.ಸಿ.ವೀರಣ್ಣ
ಸತ್ಯದರ್ಶಿನಿ ಸುದ್ದಿ

ಬೆಂಗಳೂರು: ಪ್ರತಿಯೊಬ್ಬ ವಿದ್ಯಾರ್ಥಿಯೂ ಕ್ರೀಡೆಗಳಲ್ಲಿ ಸಕ್ರಿಯವಾಗಿ ಭಾಗವಹಿಸುವ ಮೂಲಕ ಶೈಕ್ಷಣಿಕವಾಗಿಯೂ ಪ್ರಗತಿ ಸಾಧಿಸಬೇಕು ಮತ್ತು ಕ್ರೀಡಾಕೂಟದ ಸದುಪಯೋಗ ಪಡೆದುಕೊಳ್ಳಬೇಕು ಎಂದು ಬೀದರ್, ಕರ್ನಾಟಕ ಪಶುವೈದ್ಯಕೀಯ, ಪಶು ಹಾಗೂ ಮೀನುಗಾರಿಕೆ ವಿಜ್ಞಾನಗಳ ವಿಶ್ವವಿದ್ಯಾಲಯದ ಗೌರವಾನ್ವಿತ ಕುಲಪತಿಗಳಾದ ಪ್ರೊ.ಕೆ.ಸಿ.ವೀರಣ್ಣ ಅವರು ವಿದ್ಯಾರ್ಥಿಗಳಿಗೆ ಕರೆ ನೀಡಿದರು.

ನಗರದ ಹೆಬ್ಬಾಳದಲ್ಲಿರುವ ಹೈನುಗಾರಿಕಾ ಮಹಾವಿದ್ಯಾಲಯ ಮೈದಾನದಲ್ಲಿ ಕರ್ನಾಟಕ ಪಶುವೈದ್ಯಕೀಯ, ಪಶು ಹಾಗೂ ಮೀನುಗಾರಿಕೆ ವಿಜ್ಞಾನಗಳ ವಿಶ್ವವಿದ್ಯಾಲಯ, ಬೀದರ ಹಾಗೂ ಪಶುವೈದ್ಯಕೀಯ ಮಹಾವಿದ್ಯಾಲಯ,

ಬೆಂಗಳೂರು ಇವರ ಸಂಯುಕ್ತಾಶ್ರಯದಲ್ಲಿ ಆಯೋಜಿಸಲಾಗಿದ್ದ 19ನೇ ಅಂತರ ಮಹಾವಿದ್ಯಾಲಯಗಳ ಕ್ರೀಡಾಕೂಟ-2025" ಕ್ಕೆ ಚಾಲನೆ ನೀಡಿ ಮಾತನಾಡಿದ ಅವರು, ಯುವ ಕ್ರೀಡಾಪಟುಗಳು ಶ್ರದ್ಧೆ, ಪರಿಶ್ರಮ ಮತ್ತು ಕ್ರೀಡಾ ಮನೋಭಾವವನ್ನು ತಮ್ಮಲ್ಲಿ ಬೆಳೆಸಿಕೊಳ್ಳಬೇಕು.

ಇಂತಹ ಗುಣಗಳು ಕೇವಲ ಕ್ರೀಡೆಯಲ್ಲಿ ಮಾತ್ರವಲ್ಲದೆ, ದೈನಂದಿನ ಬದುಕಿಗೂ ಸಹಕಾರಿಯಾಗುತ್ತವೆ ಎಂದು ಅವರು ತಿಳಿಸಿದರು.

ಬೆಂಗಳೂರು, ಪಶುವೈದ್ಯಕೀಯ ಮಹಾವಿದ್ಯಾಲಯದ ಡೀನ್, ಡಾ.ಎನ್.ಕೆ.ಶಿವಕುಮಾರ್ ಗೌಡ ಅವರು ವಿದ್ಯಾರ್ಥಿಗಳನ್ನು ಉದ್ದೇಶಿಸಿ ಮಾತನಾಡಿ, ಭಾರತದ ಅಂತರರಾಷ್ಟ್ರೀಯ ಕ್ರಿಕೆಟ್ ನಲ್ಲಿ ಹೇಗೆ ಮಹಿಳಾ ಕ್ರೀಡಾಪಟುಗಳು ಭಾರತಕ್ಕೆ ಜಯವನ್ನು ತಂದಿರುವರೋ ಅದೇ ರೀತಿ ವಿದ್ಯಾರ್ಥಿಗಳು ಹುರುಪಿನಿಂದ ತಮ್ಮ ತಮ್ಮ ಇಷ್ಟವಾದ ಕ್ರೀಡೆಯ ಕೂಟದಲ್ಲಿ ಗೆದ್ದು ಉತ್ತಮ ಸ್ಥಾನವನ್ನು ಗಳಿಸಬೇಕು ಎಂದು ಹಿತವಚನ ನುಡಿದರು.

ನವೆಂಬರ್ 05 ರಿಂದ ಪ್ರಾರಂಭಗೊಂಡ ಕ್ರೀಡಾಕೂಟವು ನವೆಂಬರ್ 09 ರವರೆಗೆ

ನಡೆಯಲಿದೆ. ಈ ಕ್ರೀಡಾಕೂಟದಲ್ಲಿ 9 ಕಾಲೇಜುಗಳಿಂದ (6 ಪಶುವೈದ್ಯಕೀಯ ಕಾಲೇಜುಗಳು, 2 ಡೈರಿ ವಿಜ್ಞಾನ ಕಾಲೇಜು ಮತ್ತು 1 ಮೀನುಗಾರಿಕಾ ವಿಜ್ಞಾನ ಕಾಲೇಜು) ಸುಮಾರು 600 ವಿದ್ಯಾರ್ಥಿಗಳು ಭಾಗವಹಿಸಿದ್ದು, ಪುರುಷರು ಮತ್ತು ಮಹಿಳೆಯರಿಗಾಗಿ ಟೇಬಲ್ ಟೆನ್ನಿಸ್, ಬ್ಯಾಡ್ಮಿಂಟನ್, ವಾಲಿ ಬಾಲ್, ಬಾಸ್ಕೆಟ್ ಬಾಲ್, ಕ್ರಿಕೆಟ್, ಖೋ ಖೋ, ಕಬ್ಬಡಿ ಮತ್ತು ಫುಟ್ಬಾಲ್ ನಂತಹ ಹಲವಾರು ಅಥ್ಲೆಟಿಕ್ ಟ್ರ್ಯಾಕ್ ಸೇರಿದಂತೆ ಇತರೆ ಕ್ರೀಡಾಕೂಟವನ್ನು ಆಯೋಜಿಸಲಾಗಿದೆ.

ಕಾರ್ಯಕ್ರಮದಲ್ಲಿ ಬೀದರ, ಕರ್ನಾಟಕ ಪಶುವೈದ್ಯಕೀಯ, ಪಶು ಹಾಗೂ ಮೀನುಗಾರಿಕೆ ವಿಜ್ಞಾನಗಳ ವಿಶ್ವವಿದ್ಯಾಲಯದ ವ್ಯವಸ್ಥಾಪಕ ಮಂಡಳಿ ಸದಸ್ಯರುಗಳಾದ ಹೆಚ್. ಎಂ.ಜಯಪ್ರಕಾಶ್, ಬಸವರಾಜ ಸಿ.ಭದ್ರಮುಗೇ ಅವರು ಸೇರಿದಂತೆ ಪಶುವೈದ್ಯಕೀಯ ಮಹಾವಿದ್ಯಾಲಯದ ಅಧಿಕಾರಿಗಳು, ಸಿಬ್ಬಂದಿ ಮತ್ತು ವಿದ್ಯಾರ್ಥಿಗಳು ಉಪಸ್ಥಿತರಿದ್ದರು.

ವಿದ್ಯಾಭ್ಯಾಸ ಸಾಲ ಸೌಲಭ್ಯ ಪಡೆಯಲು ಅರ್ಜಿ ಆಹ್ವಾನ
ಸತ್ಯದರ್ಶಿನಿ ಸುದ್ದಿ

ಬೆಂಗಳೂರು ನಗರ ಜಿಲ್ಲೆ: ಕರ್ನಾಟಕ ಅಲ್ಪಸಂಖ್ಯಾತರ ಅಭಿವೃದ್ಧಿ ನಿಗಮ (ನಿ) ವತಿಯಿಂದ 2025-26 ನೇ ಸಾಲಿನ ಕರ್ನಾಟಕ ಪರೀಕ್ಷಾ ಪ್ರಾಧಿಕಾರದಿಂದ ಸಿ.ಇ.ಟಿ / ಎನ್.ಇ.ಇ.ಟಿ (CET/NEET) ವೃತ್ತಿಪರ ಕೋರ್ಸುಗಳ ಪದವಿ ಮತ್ತು ಸ್ನಾತಕೋತ್ತರ ಪದವಿ ಕೋರ್ಸ್‌ಗಳಲ್ಲಿ ಆಯ್ಕೆಯಾದ ಅಲ್ಪಸಂಖ್ಯಾತ ವಿದ್ಯಾರ್ಥಿಗಳಿಗೆ ಅರಿವು ರಿನ್ಯೂವಲ್ (Arivu Renewal) ಸಾಲದ ಯೋಜನೆಯಡಿಯಲ್ಲಿ (ವಿದ್ಯಾಭ್ಯಾಸ ಸಾಲ) ಸಾಲ ಸೌಲಭ್ಯ ಪಡೆಯಲು ಅಲ್ಪಸಂಖ್ಯಾತರ ಅಂದರೆ ಮುಸ್ಲಿಂ, ಕ್ರಿಶ್ಚಿಯನ್, ಜೈನ, ಬೌದ್ಧರು, ಸಿಖ್ ಮತ್ತು ಪಾರ್ಸಿ ಸಮುದಾಯದ ವಿದ್ಯಾರ್ಥಿಗಳಿಂದ ಆನ್ ಲೈನ್

ಮೂಲಕ ಅರ್ಜಿ ಆಹ್ವಾನಿಸಲಾಗಿದೆ.

ಪದವಿ ಮತ್ತು ಸ್ನಾತಕೋತ್ತರ ಕೋರ್ಸ್‌ಗಳಾದ ವೈದ್ಯಕೀಯ, (ಎಂ.ಬಿ.ಬಿ.ಎಸ್., ಎಂ.ಡಿ., ಎಂ.ಎಸ್) ದಂತ ವೈದ್ಯಕೀಯ (ಬಿ.ಡಿ.ಎಸ್, ಎಂ.ಡಿ.ಎಸ್), ಆಯುಷ್ (ಬಿ.ಆಯುಷ್, ಎಂ.ಆಯುಷ್) ಇಂಜಿನಿಯರಿಂಗ್ ಮತ್ತು ಟೆಕ್ನಾಲಜಿ (ಬಿ.ಇ/ಬಿ.ಟೆಕ್, ಎಂ.ಇ/ಎಂ.ಟೆಕ್) ಬ್ಯಾಚುಲರ್ ಆಫ್ ಆರ್ಕಿಟೆಕ್ಚರ್ (ಬಿ.ಆರ್ಕ್, ಎಂ.ಆರ್ಕ್)

MBA, MCA, LLB, B.sc in Horticulture, Agricultural Engineering, Dairy Technology, Foresty, Veterinary and Animal Sciences, Fisheries, Sericulture,
Home/Community Sciences Food Nutrition and Dietetics, B Pharma, M Pharma, Pharma D and D Pharma

ಪದವಿ ಕೋರ್ಸುಗಳಲ್ಲಿ ಆಯ್ಕೆಯಾದ ವಿದ್ಯಾರ್ಥಿಗಳು ಅರ್ಜಿ ಸಲ್ಲಿಸಬಹುದು.

ಆಸಕ್ತ ವಿದ್ಯಾರ್ಥಿಗಳು ಅರ್ಜಿಗಳನ್ನು ವೆಬ್ ಸೈಟ್:

https://kmdconline.karnataka.gov.in
ಮೂಲಕ ಡಿಸೆಂಬರ್ 03,2025 ರೊಳಗೆ ಸಲ್ಲಿಸಬೇಕು. ಸಲ್ಲಿಸಿದ ಅರ್ಜಿಯ ಹಾರ್ಡ್ ಕಾಪಿಗಳನ್ನು ಮತ್ತು ವೆಬ್ ಸೈಟ್ ನಲ್ಲಿ ಅಪ್ ಲೋಡ್ ಮಾಡಿರುವ
Original New Indemnity Bond
ಮತ್ತು ಇತರೆ ಮೂಲ ದಾಖಲಾತಿ

ಗಳೊಂದಿಗೆ ಜಿಲ್ಲಾ ವ್ಯವಸ್ಥಾಪಕರ ಕಚೇರಿಗೆ ಡಿಸೆಂಬರ್ 03, 2025 ರೊಳಗೆ ಸಲ್ಲಿಸಬೇಕು.

ಹೆಚ್ಚಿನ ಮಾಹಿತಿಗಾಗಿ ಕರ್ನಾಟಕ ಅಲ್ಪಸಂಖ್ಯಾತರ ಅಭಿವೃದ್ಧಿ ನಿಗಮ ನಿಯಮಿತ, ಜಿಲ್ಲಾ ವ್ಯವಸ್ಥಾಪಕರ ಕಚೇರಿ, ಹಮೀದ್ ಷಾ ಕಾಂಪ್ಲೆಕ್ಸ್, 2ನೇ ಮಹಡಿ, ಎಸ್.ಎಫ್.2, ಹಲಸೂರು ಗೇಟ್ ಪೊಲೀಸ್ ಸ್ಟೇಷನ್ ಹಿಂಭಾಗ, ಕಬ್ಬನ್ ಪೇಟೆ ಮುಖ್ಯ ರಸ್ತೆ, ಬೆಂಗಳೂರು ನಗರ ಜಿಲ್ಲೆ ಅಥವಾ ದೂರವಾಣಿ ಸಂಖ್ಯೆ : 080-22114817 ಗೆ ಸಂಪರ್ಕಿಸಬಹುದು ಎಂದು ಬೆಂಗಳೂರು ನಗರ ಜಿಲ್ಲೆ, ದಕ್ಷಿಣ ವಿಭಾಗದ ಕರ್ನಾಟಕ ಅಲ್ಪಸಂಖ್ಯಾತರ ಅಭಿವೃದ್ಧಿ ನಿಗಮದ ಜಿಲ್ಲಾ ವ್ಯವಸ್ಥಾಪಕರು ಪ್ರಕಟಣೆಯಲ್ಲಿ ತಿಳಿಸಿದ್ದಾರೆ.

ಪಿ.ಹೆಚ್.ಡಿ ಶಿಷ್ಯವೇತನಕ್ಕಾಗಿ ಅರ್ಜಿ ಆಹ್ವಾನ
ಸತ್ಯದರ್ಶಿನಿ ಸುದ್ದಿ

ಬೆಂಗಳೂರು ನಗರ ಜಿಲ್ಲೆ: ಕರ್ನಾಟಕ ವಿಜ್ಞಾನ ಮತ್ತು ತಂತ್ರಜ್ಞಾನ ಪ್ರೋತ್ಸಾಹಕ ಸೊಸೈಟಿ ವತಿಯಿಂದ 2025-26ನೇ ಸಾಲಿನಲ್ಲಿ ಶಿಷ್ಯವೇತನ ಪಡೆಯಲು ವಿಜ್ಞಾನ ಮತ್ತು ಇಂಜಿನಿಯರಿಂಗ್ ವಿಷಯಗಳಲ್ಲಿ ಕರ್ನಾಟಕದಲ್ಲಿರುವ ಮಾನ್ಯತೆ ಪಡೆದ ವಿಶ್ವವಿದ್ಯಾಲಯದ / ಸಂಸ್ಥೆ/ ಕಾಲೇಜುಗಳಲ್ಲಿ ಪಿ.ಹೆಚ್.ಡಿ ಪದವಿಗೆ ಈಗಾಗಲೇ ನೋಂದಾಯಿತರಾಗಿರುವ ಅರ್ಹ ಸಂಶೋಧನಾ ವಿದ್ಯಾರ್ಥಿಗಳಿಂದ ಆನ್ ಲೈನ್ ಮೂಲಕ ಅರ್ಜಿ ಆಹ್ವಾನಿಸಲಾಗಿದೆ.

ಆಸಕ್ತರು ವೆಬ್ ಸೈಟ್ https:// ksteps.karnataka.gov.in

ಮೂಲಕ ಡಿಸೆಂಬರ್ 05, 2025 ರೊಳಗೆ ( ಸಂಜೆ 5.00 ಗಂಟೆ) ಅರ್ಜಿಗಳನ್ನು ಸಲ್ಲಿಸಬಹುದು.

ಹೆಚ್ಚಿನ ಮಾಹಿತಿಗಾಗಿ : ಕರ್ನಾಟಕ ವಿಜ್ಞಾನ ಮತ್ತು ತಂತ್ರಜ್ಞಾನ ಪ್ರೋತ್ಸಾಹಕ ಸೊಸೈಟಿ, ವಿಜ್ಞಾನ ಮತ್ತು ತಂತ್ರಜ್ಞಾನ ಇಲಾಖೆ, ಕರ್ನಾಟಕ ಸರ್ಕಾರ, ಕೊಠಡಿ ಸಂಖ್ಯೆ : 507, 5ನೇ ಮಹಡಿ, 5ನೇ ಹಂತ, ಬಹುಮಹಡಿಗಳ ಕಟ್ಟಡ, ಬೆಂಗಳೂರು- 560 001 ಅಥವಾ ದೂರವಾಣಿ ಸಂಖ್ಯೆ : 080-26711166 ಗೆ ಸಂಪರ್ಕಿಸಬಹುದು ಎಂದು ಕರ್ನಾಟಕ ವಿಜ್ಞಾನ ಮತ್ತು ತಂತ್ರಜ್ಞಾನ ಪ್ರೋತ್ಸಾಹಕ ಸೊಸೈಟಿಯ ವ್ಯವಸ್ಥಾಪಕ ನಿರ್ದೇಶಕರು ಪ್ರಕಟಣೆಯಲ್ಲಿ ತಿಳಿಸಿದ್ದಾರೆ.
